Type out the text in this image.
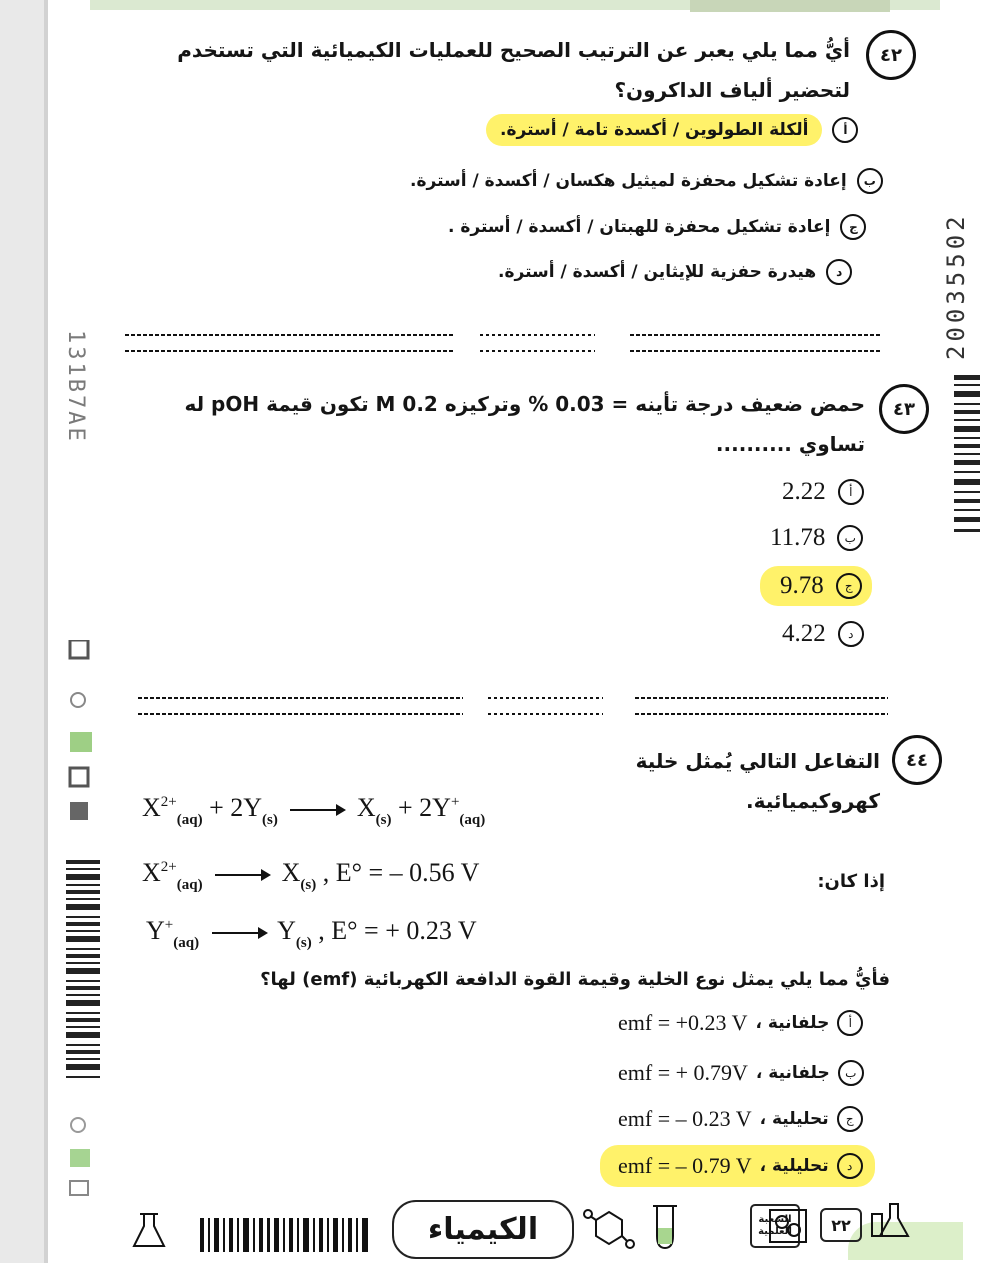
131B7AE
20035502
٤٢
أيُّ مما يلي يعبر عن الترتيب الصحيح للعمليات الكيميائية التي تستخدم لتحضير ألياف الداكرون؟
أ
ألكلة الطولوين / أكسدة تامة / أسترة.
ب
إعادة تشكيل محفزة لميثيل هكسان / أكسدة / أسترة.
ج
إعادة تشكيل محفزة للهبتان / أكسدة / أسترة .
د
هيدرة حفزية للإيثاين / أكسدة / أسترة.
٤٣
حمض ضعيف درجة تأينه = 0.03 % وتركيزه 0.2 M تكون قيمة pOH له تساوي ..........
2.22	أ
11.78	ب
9.78	ج
4.22	د
٤٤
التفاعل التالي يُمثل خلية كهروكيميائية.
$X^{2+}_{(aq)} + 2Y_{(s)} \to X_{(s)} + 2Y^+_{(aq)}$
$X^{2+}_{(aq)} \to X_{(s)}$ , E° = – 0.56 V	إذا كان:
$Y^+_{(aq)} \to Y_{(s)}$ , E° = + 0.23 V
فأيُّ مما يلي يمثل نوع الخلية وقيمة القوة الدافعة الكهربائية (emf) لها؟
emf = +0.23 V جلفانية ،	أ
emf = + 0.79V جلفانية ،	ب
emf = – 0.23 V تحليلية ،	ج
emf = – 0.79 V تحليلية ،	د
الكيمياء	الشعبة العلمية	٢٢
